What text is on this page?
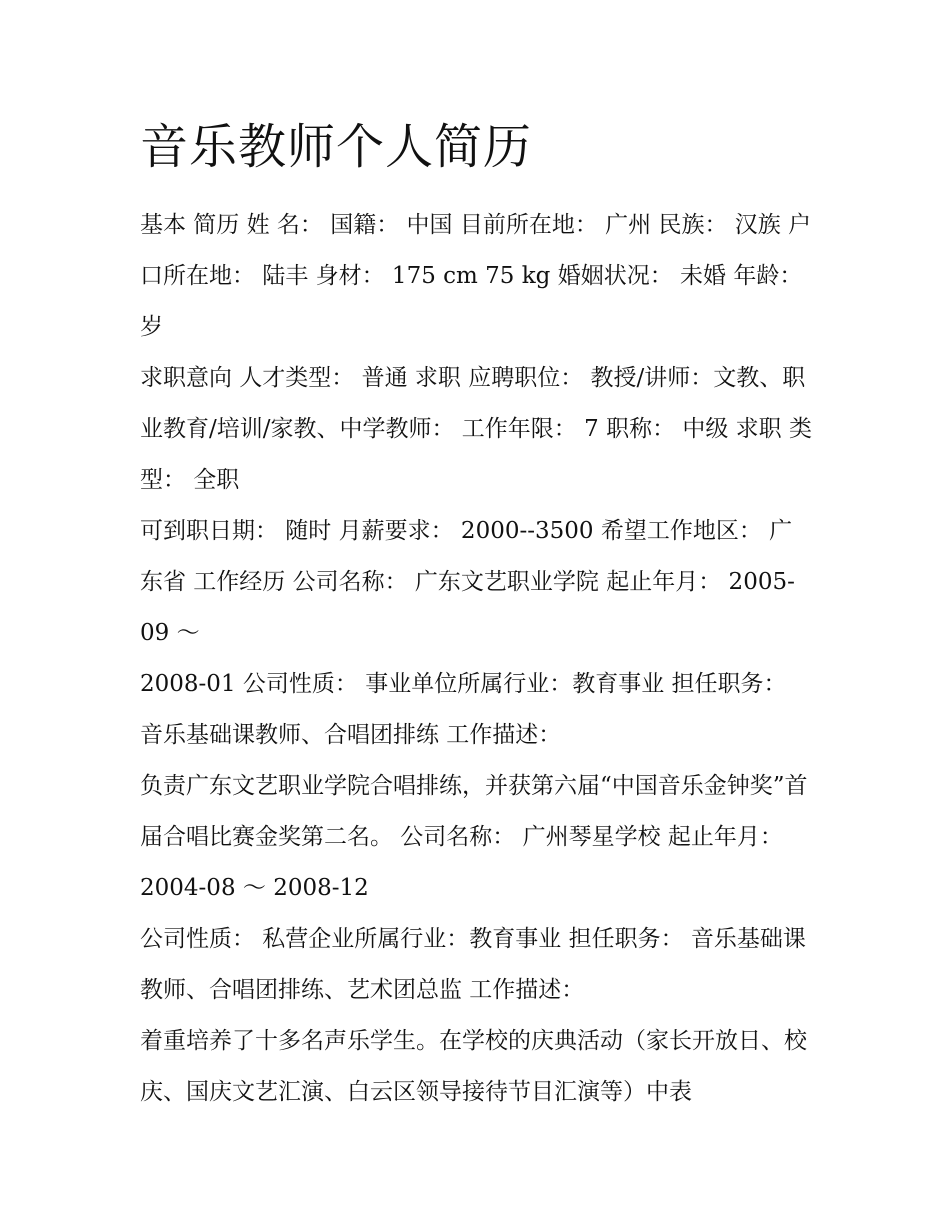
音乐教师个人简历

基本 简历 姓 名： 国籍： 中国 目前所在地： 广州 民族： 汉族 户口所在地： 陆丰 身材： 175 cm 75 kg 婚姻状况： 未婚 年龄： 岁

求职意向 人才类型： 普通 求职 应聘职位： 教授/讲师：文教、职业教育/培训/家教、中学教师： 工作年限： 7 职称： 中级 求职 类型： 全职

可到职日期： 随时 月薪要求： 2000--3500 希望工作地区： 广东省 工作经历 公司名称： 广东文艺职业学院 起止年月： 2005-09 ～

2008-01 公司性质： 事业单位所属行业：教育事业 担任职务： 音乐基础课教师、合唱团排练 工作描述：

负责广东文艺职业学院合唱排练，并获第六届“中国音乐金钟奖”首届合唱比赛金奖第二名。 公司名称： 广州琴星学校 起止年月：2004-08 ～ 2008-12

公司性质： 私营企业所属行业：教育事业 担任职务： 音乐基础课教师、合唱团排练、艺术团总监 工作描述：

着重培养了十多名声乐学生。在学校的庆典活动（家长开放日、校庆、国庆文艺汇演、白云区领导接待节目汇演等）中表
